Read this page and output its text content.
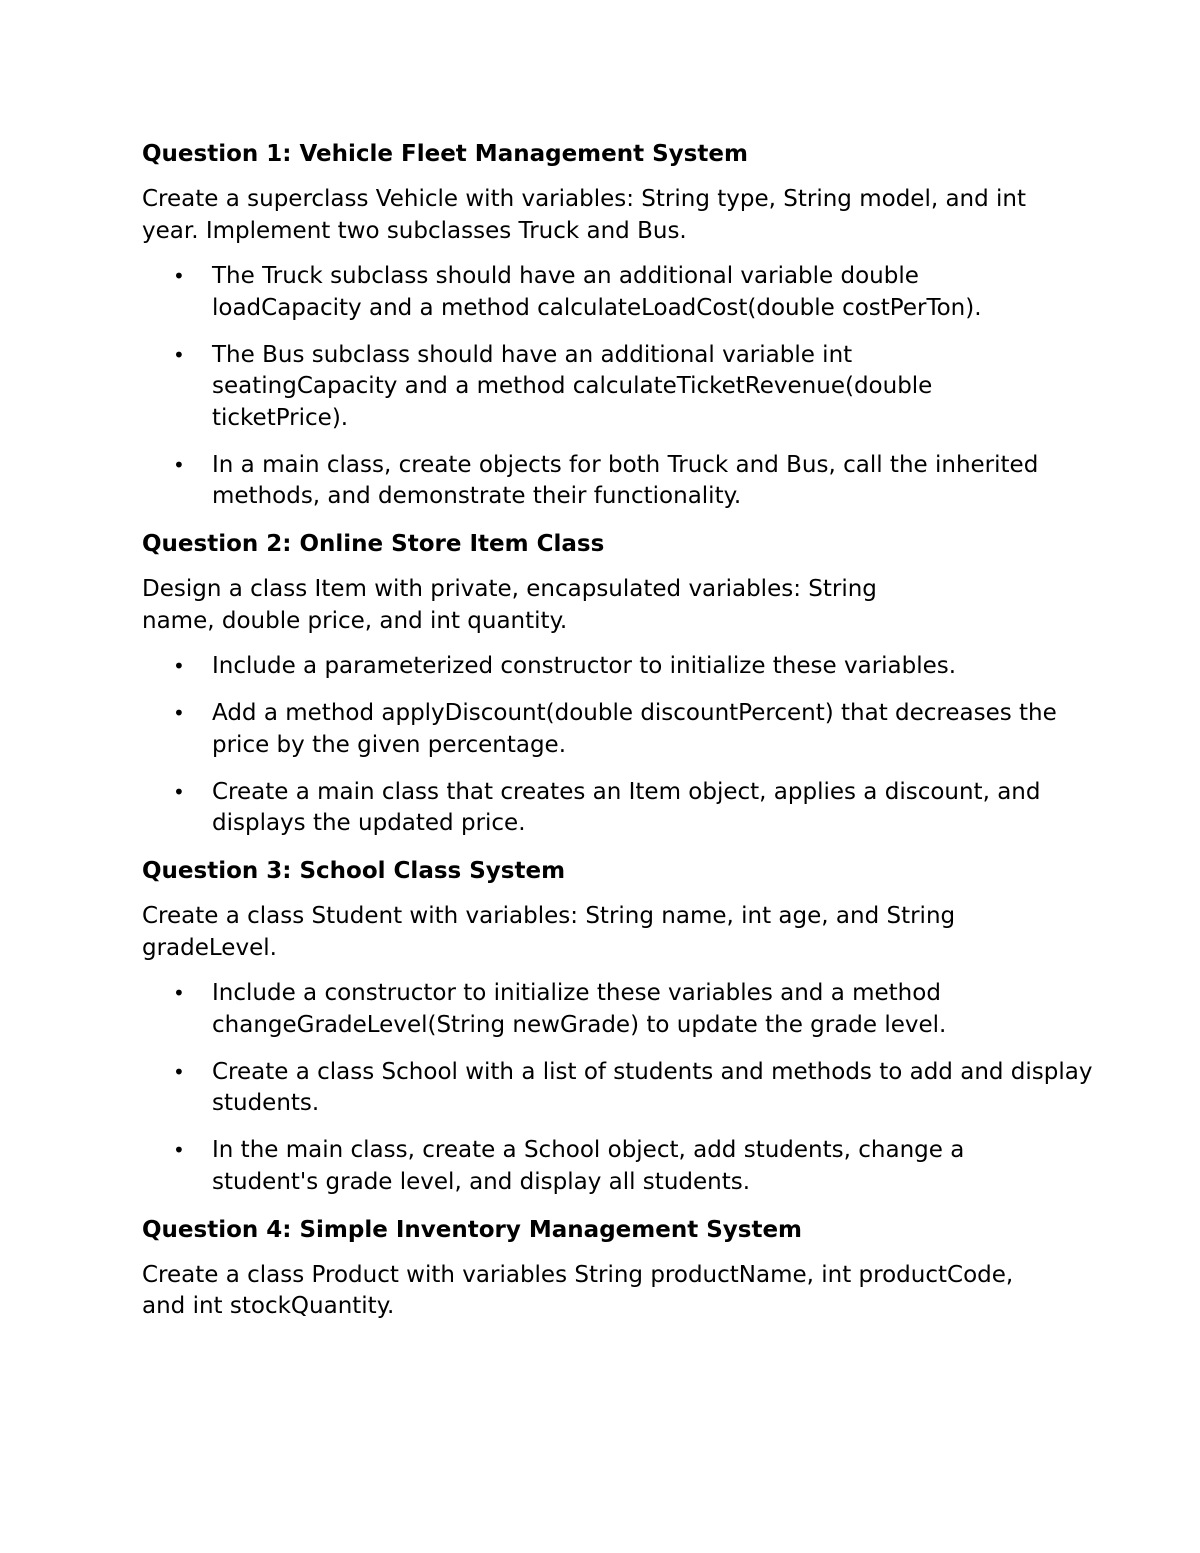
Question 1: Vehicle Fleet Management System
Create a superclass Vehicle with variables: String type, String model, and int year. Implement two subclasses Truck and Bus.
• The Truck subclass should have an additional variable double loadCapacity and a method calculateLoadCost(double costPerTon).
• The Bus subclass should have an additional variable int seatingCapacity and a method calculateTicketRevenue(double ticketPrice).
• In a main class, create objects for both Truck and Bus, call the inherited methods, and demonstrate their functionality.
Question 2: Online Store Item Class
Design a class Item with private, encapsulated variables: String name, double price, and int quantity.
• Include a parameterized constructor to initialize these variables.
• Add a method applyDiscount(double discountPercent) that decreases the price by the given percentage.
• Create a main class that creates an Item object, applies a discount, and displays the updated price.
Question 3: School Class System
Create a class Student with variables: String name, int age, and String gradeLevel.
• Include a constructor to initialize these variables and a method changeGradeLevel(String newGrade) to update the grade level.
• Create a class School with a list of students and methods to add and display students.
• In the main class, create a School object, add students, change a student's grade level, and display all students.
Question 4: Simple Inventory Management System
Create a class Product with variables String productName, int productCode, and int stockQuantity.
